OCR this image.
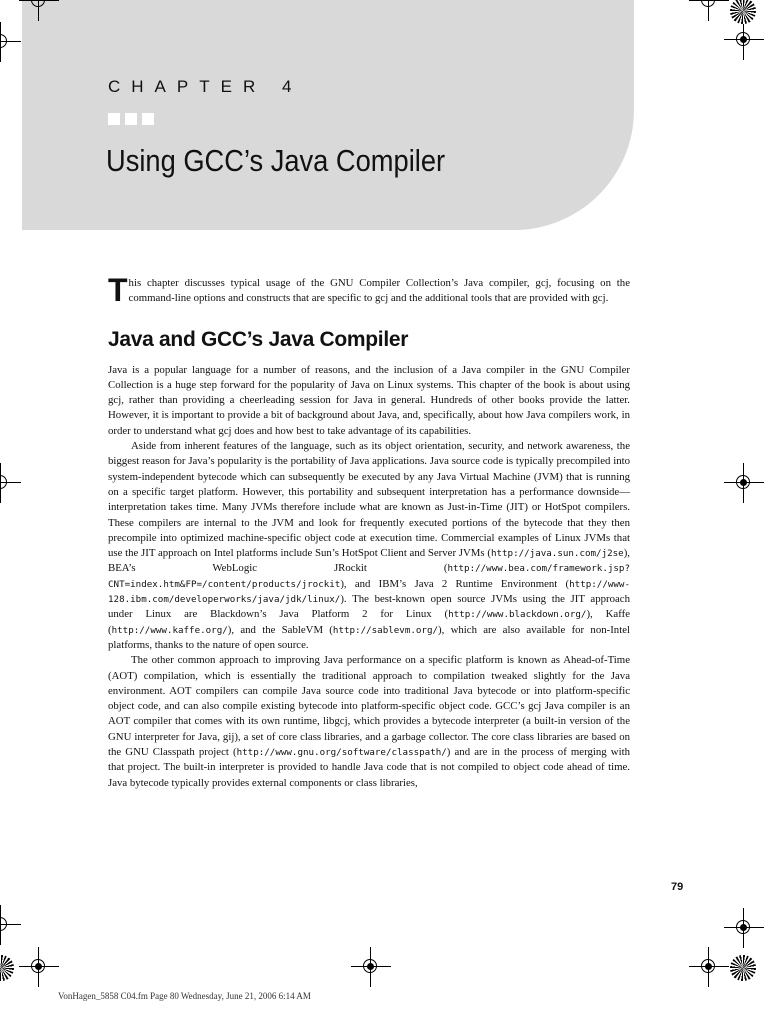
CHAPTER 4
Using GCC’s Java Compiler

This chapter discusses typical usage of the GNU Compiler Collection’s Java compiler, gcj, focusing on the command-line options and constructs that are specific to gcj and the additional tools that are provided with gcj.

Java and GCC’s Java Compiler

Java is a popular language for a number of reasons, and the inclusion of a Java compiler in the GNU Compiler Collection is a huge step forward for the popularity of Java on Linux systems. This chapter of the book is about using gcj, rather than providing a cheerleading session for Java in general. Hundreds of other books provide the latter. However, it is important to provide a bit of background about Java, and, specifically, about how Java compilers work, in order to understand what gcj does and how best to take advantage of its capabilities.

Aside from inherent features of the language, such as its object orientation, security, and network awareness, the biggest reason for Java’s popularity is the portability of Java applications. Java source code is typically precompiled into system-independent bytecode which can subsequently be executed by any Java Virtual Machine (JVM) that is running on a specific target platform. However, this portability and subsequent interpretation has a performance downside—interpretation takes time. Many JVMs therefore include what are known as Just-in-Time (JIT) or HotSpot compilers. These compilers are internal to the JVM and look for frequently executed portions of the bytecode that they then precompile into optimized machine-specific object code at execution time. Commercial examples of Linux JVMs that use the JIT approach on Intel platforms include Sun’s HotSpot Client and Server JVMs (http://java.sun.com/j2se), BEA’s WebLogic JRockit (http://www.bea.com/framework.jsp?CNT=index.htm&FP=/content/products/jrockit), and IBM’s Java 2 Runtime Environment (http://www-128.ibm.com/developerworks/java/jdk/linux/). The best-known open source JVMs using the JIT approach under Linux are Blackdown’s Java Platform 2 for Linux (http://www.blackdown.org/), Kaffe (http://www.kaffe.org/), and the SableVM (http://sablevm.org/), which are also available for non-Intel platforms, thanks to the nature of open source.

The other common approach to improving Java performance on a specific platform is known as Ahead-of-Time (AOT) compilation, which is essentially the traditional approach to compilation tweaked slightly for the Java environment. AOT compilers can compile Java source code into traditional Java bytecode or into platform-specific object code, and can also compile existing bytecode into platform-specific object code. GCC’s gcj Java compiler is an AOT compiler that comes with its own runtime, libgcj, which provides a bytecode interpreter (a built-in version of the GNU interpreter for Java, gij), a set of core class libraries, and a garbage collector. The core class libraries are based on the GNU Classpath project (http://www.gnu.org/software/classpath/) and are in the process of merging with that project. The built-in interpreter is provided to handle Java code that is not compiled to object code ahead of time. Java bytecode typically provides external components or class libraries,

79
VonHagen_5858 C04.fm Page 80 Wednesday, June 21, 2006 6:14 AM
